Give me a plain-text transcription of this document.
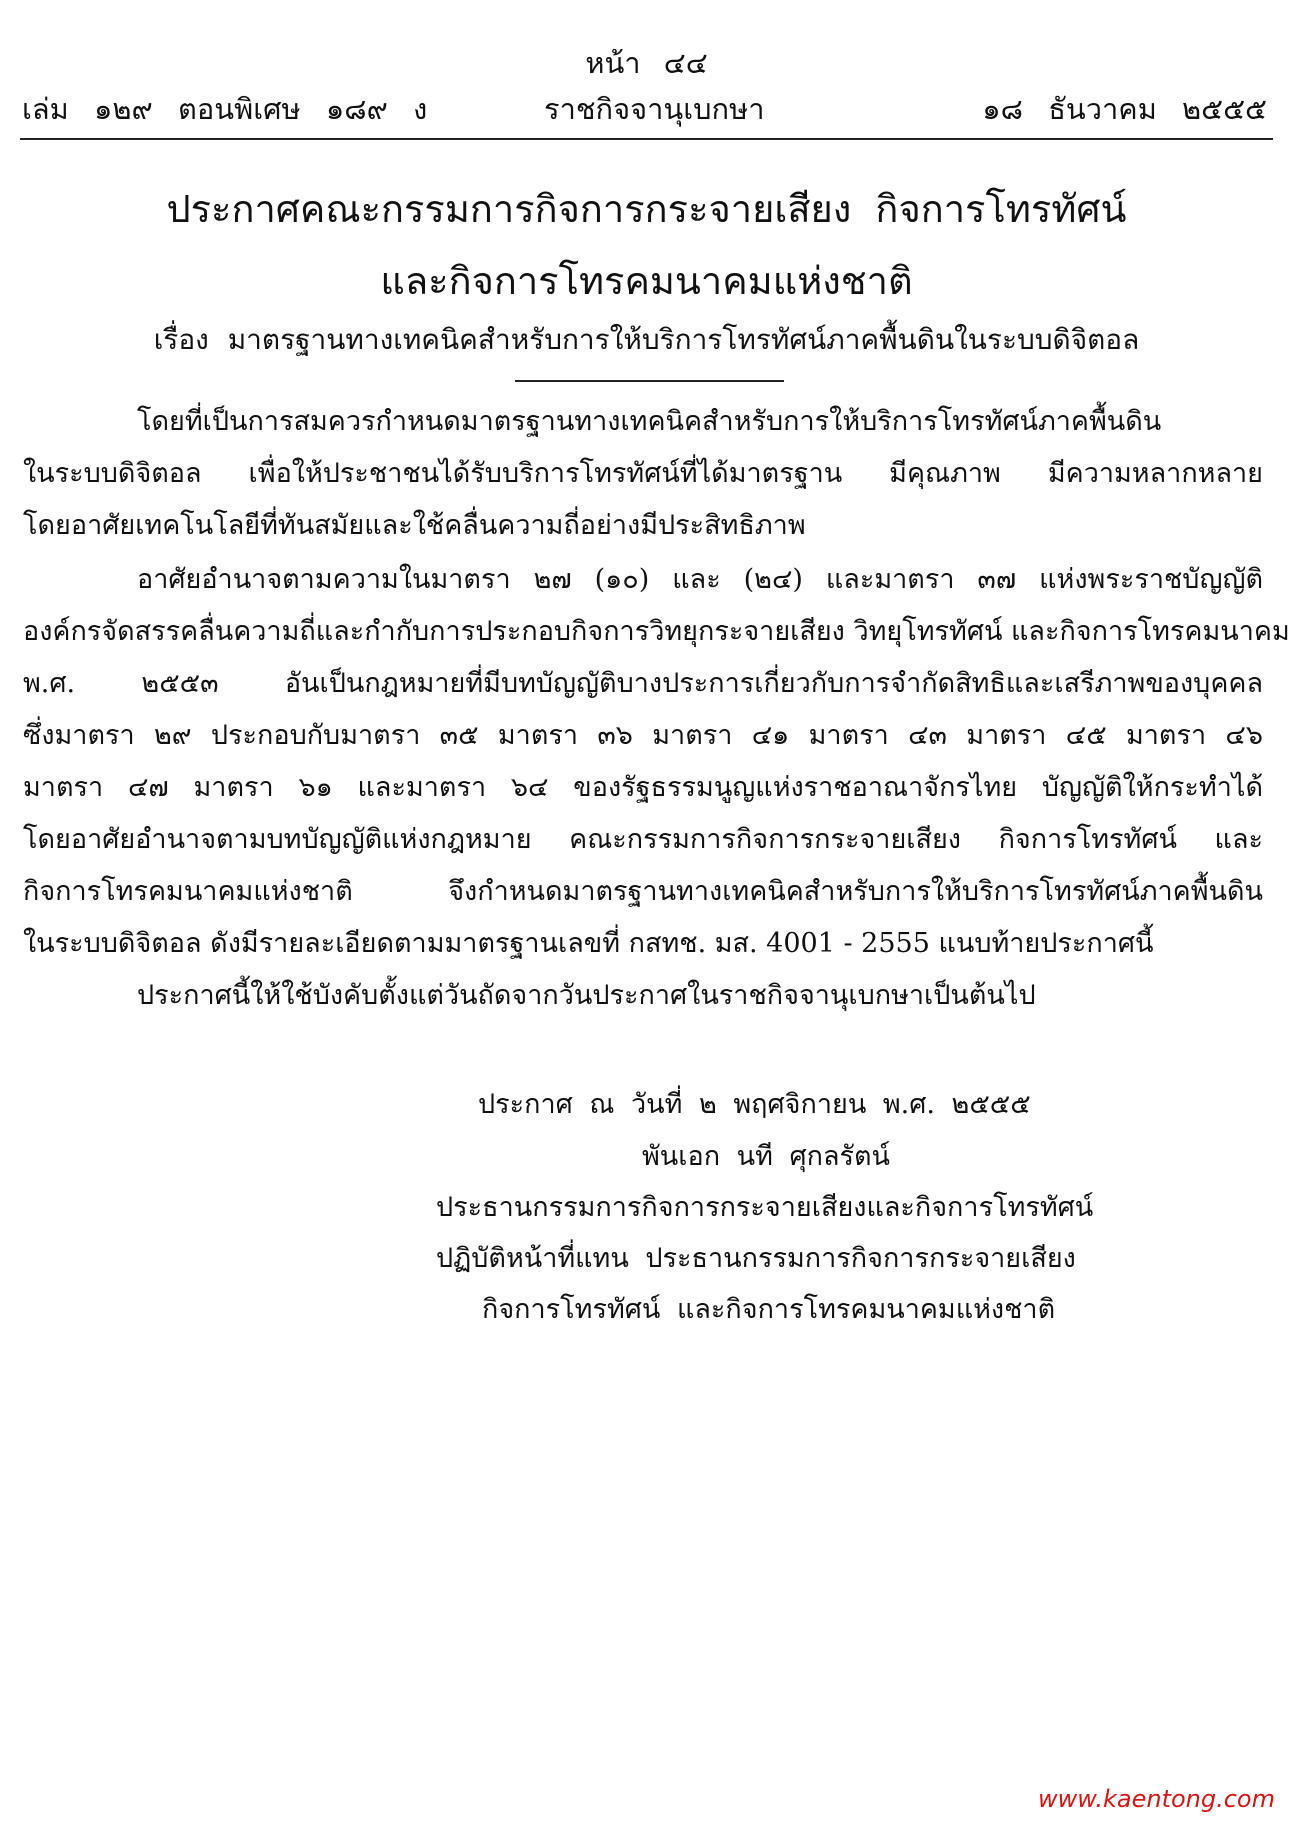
หน้า ๔๔
เล่ม ๑๒๙ ตอนพิเศษ ๑๘๙ ง	ราชกิจจานุเบกษา	๑๘ ธันวาคม ๒๕๕๕
ประกาศคณะกรรมการกิจการกระจายเสียง กิจการโทรทัศน์
และกิจการโทรคมนาคมแห่งชาติ
เรื่อง มาตรฐานทางเทคนิคสำหรับการให้บริการโทรทัศน์ภาคพื้นดินในระบบดิจิตอล
โดยที่เป็นการสมควรกำหนดมาตรฐานทางเทคนิคสำหรับการให้บริการโทรทัศน์ภาคพื้นดิน
ในระบบดิจิตอล เพื่อให้ประชาชนได้รับบริการโทรทัศน์ที่ได้มาตรฐาน มีคุณภาพ มีความหลากหลาย
โดยอาศัยเทคโนโลยีที่ทันสมัยและใช้คลื่นความถี่อย่างมีประสิทธิภาพ
อาศัยอำนาจตามความในมาตรา ๒๗ (๑๐) และ (๒๔) และมาตรา ๓๗ แห่งพระราชบัญญัติ
องค์กรจัดสรรคลื่นความถี่และกำกับการประกอบกิจการวิทยุกระจายเสียง วิทยุโทรทัศน์ และกิจการโทรคมนาคม
พ.ศ. ๒๕๕๓ อันเป็นกฎหมายที่มีบทบัญญัติบางประการเกี่ยวกับการจำกัดสิทธิและเสรีภาพของบุคคล
ซึ่งมาตรา ๒๙ ประกอบกับมาตรา ๓๕ มาตรา ๓๖ มาตรา ๔๑ มาตรา ๔๓ มาตรา ๔๕ มาตรา ๔๖
มาตรา ๔๗ มาตรา ๖๑ และมาตรา ๖๔ ของรัฐธรรมนูญแห่งราชอาณาจักรไทย บัญญัติให้กระทำได้
โดยอาศัยอำนาจตามบทบัญญัติแห่งกฎหมาย คณะกรรมการกิจการกระจายเสียง กิจการโทรทัศน์ และ
กิจการโทรคมนาคมแห่งชาติ จึงกำหนดมาตรฐานทางเทคนิคสำหรับการให้บริการโทรทัศน์ภาคพื้นดิน
ในระบบดิจิตอล ดังมีรายละเอียดตามมาตรฐานเลขที่ กสทช. มส. 4001 - 2555 แนบท้ายประกาศนี้
ประกาศนี้ให้ใช้บังคับตั้งแต่วันถัดจากวันประกาศในราชกิจจานุเบกษาเป็นต้นไป
ประกาศ ณ วันที่ ๒ พฤศจิกายน พ.ศ. ๒๕๕๕
พันเอก นที ศุกลรัตน์
ประธานกรรมการกิจการกระจายเสียงและกิจการโทรทัศน์
ปฏิบัติหน้าที่แทน ประธานกรรมการกิจการกระจายเสียง
กิจการโทรทัศน์ และกิจการโทรคมนาคมแห่งชาติ
www.kaentong.com
